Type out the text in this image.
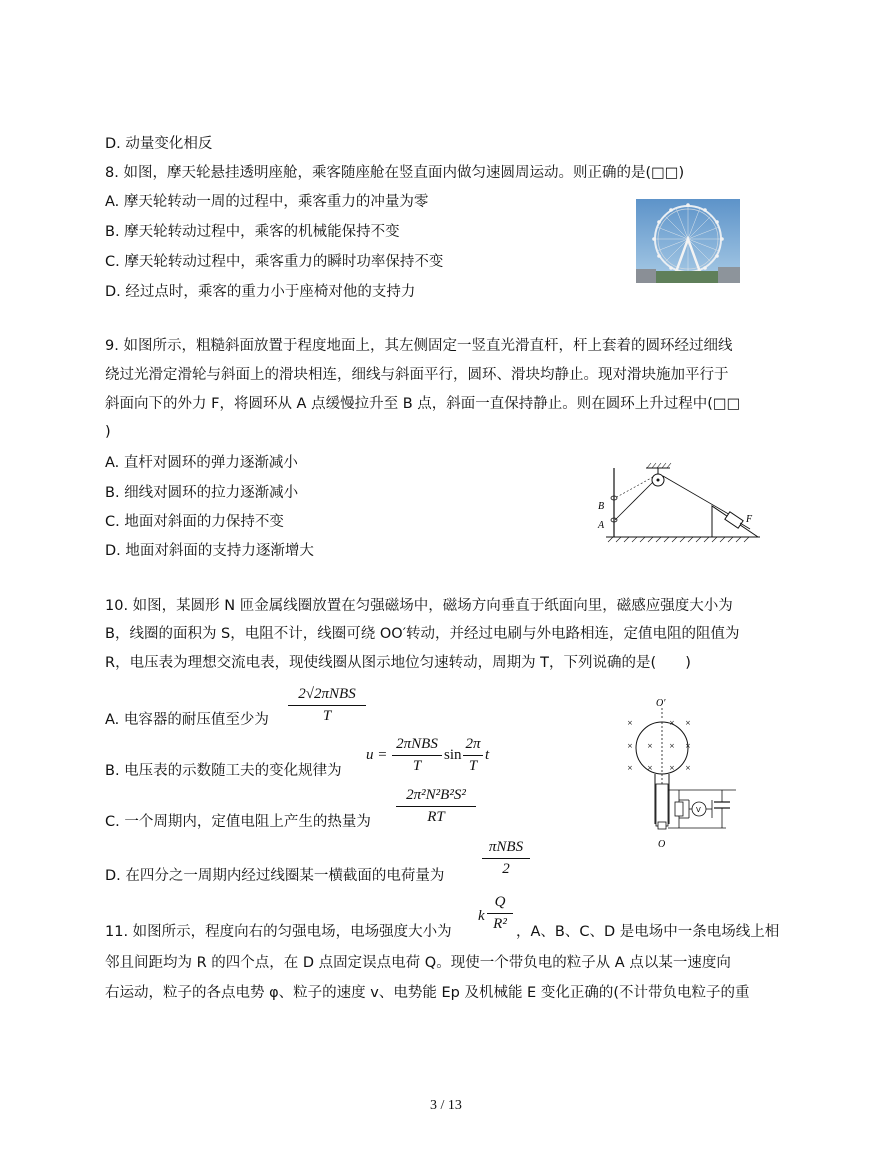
D. 动量变化相反
8. 如图，摩天轮悬挂透明座舱，乘客随座舱在竖直面内做匀速圆周运动。则正确的是(□□)
A. 摩天轮转动一周的过程中，乘客重力的冲量为零
B. 摩天轮转动过程中，乘客的机械能保持不变
C. 摩天轮转动过程中，乘客重力的瞬时功率保持不变
D. 经过点时，乘客的重力小于座椅对他的支持力
9. 如图所示，粗糙斜面放置于程度地面上，其左侧固定一竖直光滑直杆，杆上套着的圆环经过细线
绕过光滑定滑轮与斜面上的滑块相连，细线与斜面平行，圆环、滑块均静止。现对滑块施加平行于
斜面向下的外力 F，将圆环从 A 点缓慢拉升至 B 点，斜面一直保持静止。则在圆环上升过程中(□□
)
A. 直杆对圆环的弹力逐渐减小
B. 细线对圆环的拉力逐渐减小
C. 地面对斜面的力保持不变
D. 地面对斜面的支持力逐渐增大
B
A
F
10. 如图，某圆形 N 匝金属线圈放置在匀强磁场中，磁场方向垂直于纸面向里，磁感应强度大小为
B，线圈的面积为 S，电阻不计，线圈可绕 OO′转动，并经过电刷与外电路相连，定值电阻的阻值为
R，电压表为理想交流电表，现使线圈从图示地位匀速转动，周期为 T，下列说确的是(　　)
A. 电容器的耐压值至少为
2√2πNBS
T
B. 电压表的示数随工夫的变化规律为
u =
2πNBS
T
$\sin \frac{2\pi}{T}$ t
C. 一个周期内，定值电阻上产生的热量为 $\frac{\text{2π²N²B²S²}}{RT}$
D. 在四分之一周期内经过线圈某一横截面的电荷量为
πNBS
2
O′
×	× ×
× × × ×
× × × ×
O
V
11. 如图所示，程度向右的匀强电场，电场强度大小为
k $\frac{Q}{\text{R²}}$ ，A、B、C、D 是电场中一条电场线上相
邻且间距均为 R 的四个点，在 D 点固定误点电荷 Q。现使一个带负电的粒子从 A 点以某一速度向
右运动，粒子的各点电势 φ、粒子的速度 v、电势能 Ep 及机械能 E 变化正确的(不计带负电粒子的重
3 / 13
